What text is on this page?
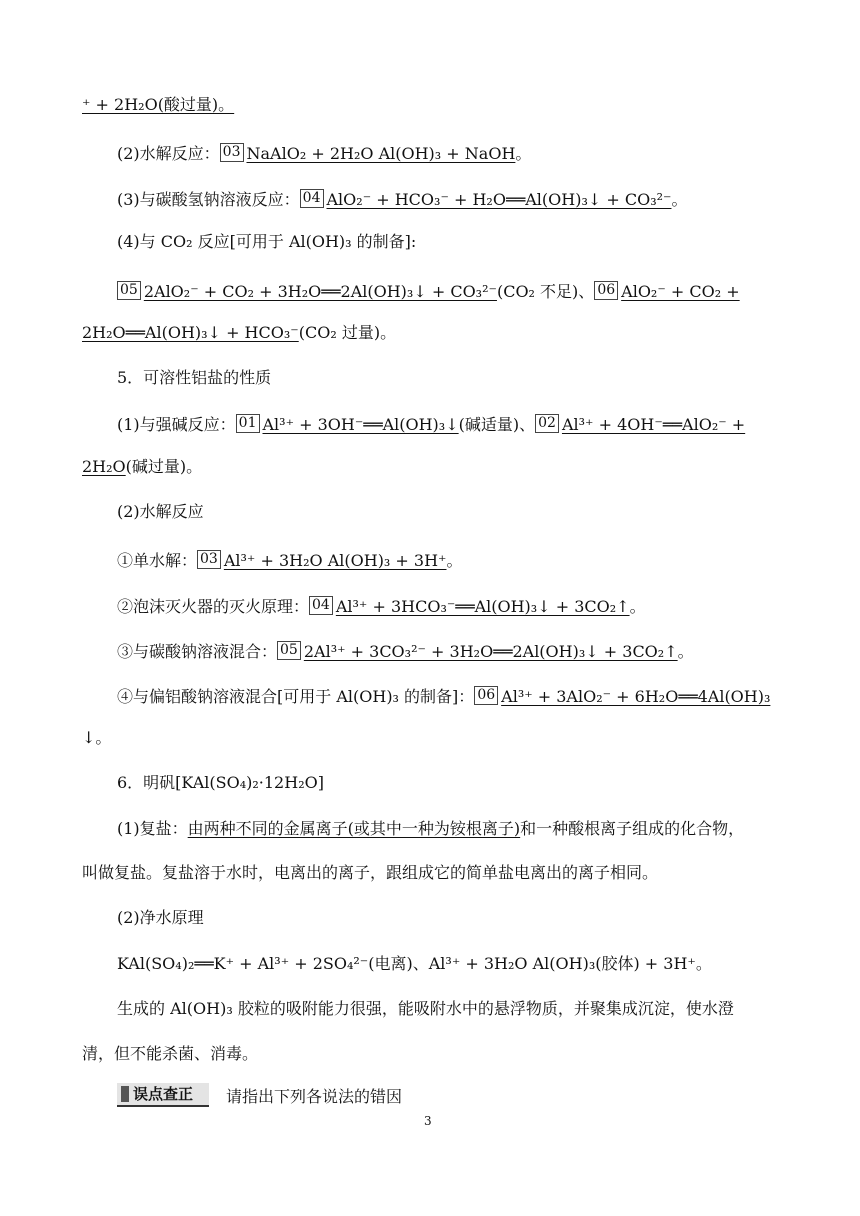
⁺ + 2H₂O(酸过量)。
(2)水解反应： 03 NaAlO₂ + 2H₂O Al(OH)₃ + NaOH。
(3)与碳酸氢钠溶液反应： 04 AlO₂⁻ + HCO₃⁻ + H₂O══Al(OH)₃↓ + CO₃²⁻。
(4)与 CO₂ 反应[可用于 Al(OH)₃ 的制备]:
05 2AlO₂⁻ + CO₂ + 3H₂O══2Al(OH)₃↓ + CO₃²⁻(CO₂ 不足)、 06 AlO₂⁻ + CO₂ +
2H₂O══Al(OH)₃↓ + HCO₃⁻(CO₂ 过量)。
5．可溶性铝盐的性质
(1)与强碱反应： 01 Al³⁺ + 3OH⁻══Al(OH)₃↓(碱适量)、 02 Al³⁺ + 4OH⁻══AlO₂⁻ +
2H₂O(碱过量)。
(2)水解反应
①单水解： 03 Al³⁺ + 3H₂O Al(OH)₃ + 3H⁺。
②泡沫灭火器的灭火原理： 04 Al³⁺ + 3HCO₃⁻══Al(OH)₃↓ + 3CO₂↑。
③与碳酸钠溶液混合： 05 2Al³⁺ + 3CO₃²⁻ + 3H₂O══2Al(OH)₃↓ + 3CO₂↑。
④与偏铝酸钠溶液混合[可用于 Al(OH)₃ 的制备]： 06 Al³⁺ + 3AlO₂⁻ + 6H₂O══4Al(OH)₃
↓。
6．明矾[KAl(SO₄)₂·12H₂O]
(1)复盐：由两种不同的金属离子(或其中一种为铵根离子)和一种酸根离子组成的化合物，
叫做复盐。复盐溶于水时，电离出的离子，跟组成它的简单盐电离出的离子相同。
(2)净水原理
KAl(SO₄)₂══K⁺ + Al³⁺ + 2SO₄²⁻(电离)、Al³⁺ + 3H₂O Al(OH)₃(胶体) + 3H⁺。
生成的 Al(OH)₃ 胶粒的吸附能力很强，能吸附水中的悬浮物质，并聚集成沉淀，使水澄
清，但不能杀菌、消毒。
误点查正 请指出下列各说法的错因
3
